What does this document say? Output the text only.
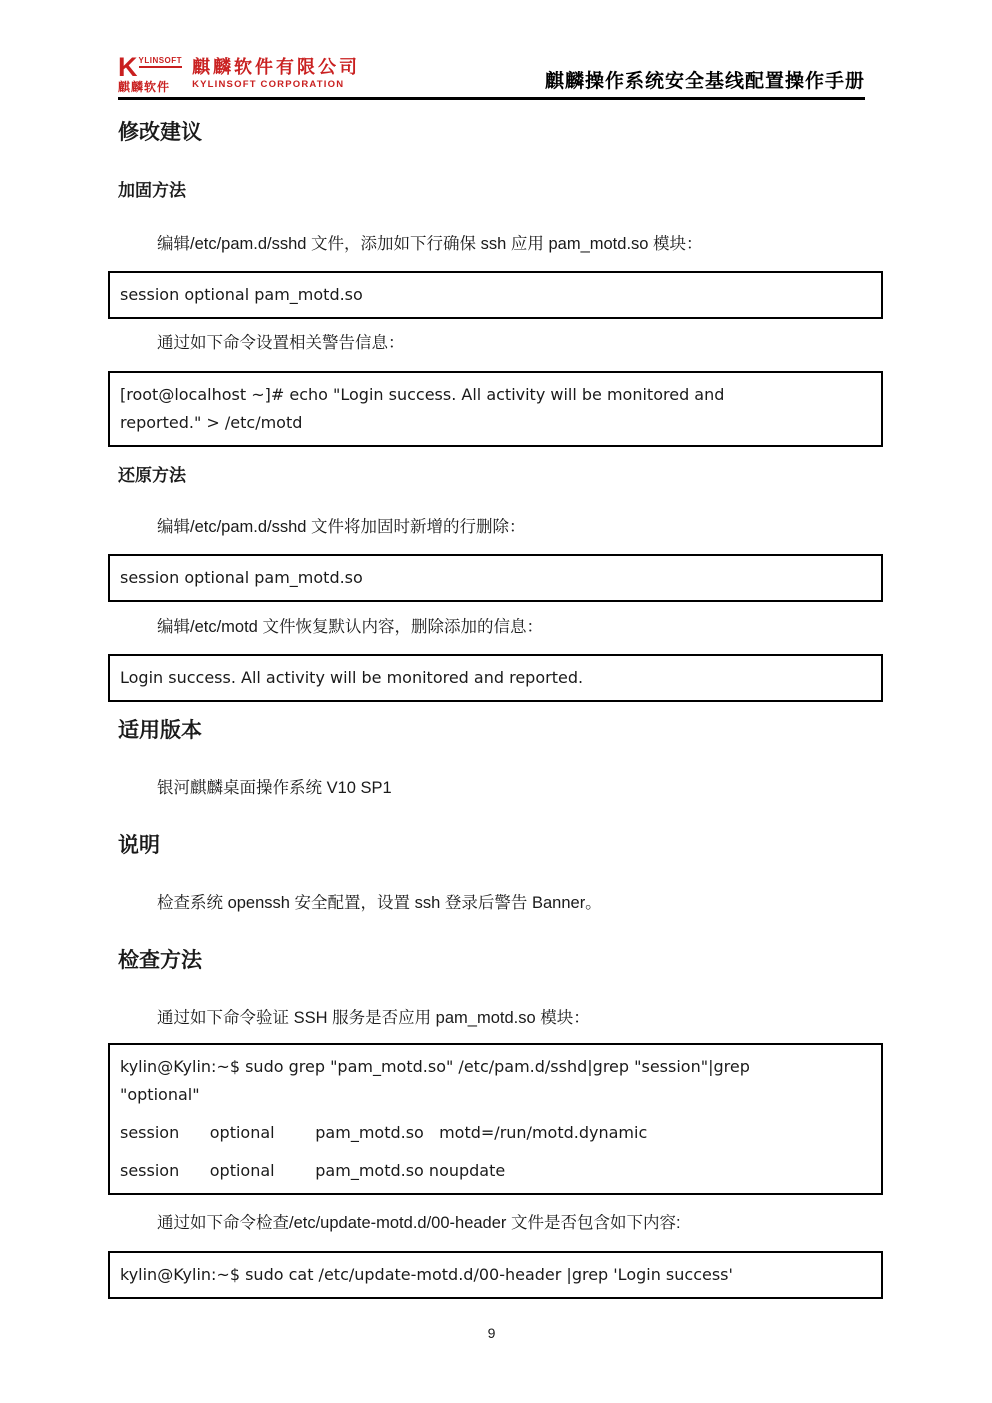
K YLINSOFT
麒麟软件
麒麟软件有限公司
KYLINSOFT CORPORATION	麒麟操作系统安全基线配置操作手册
修改建议
加固方法
编辑/etc/pam.d/sshd 文件，添加如下行确保 ssh 应用 pam_motd.so 模块：
session optional pam_motd.so
通过如下命令设置相关警告信息：
[root@localhost ~]# echo "Login success. All activity will be monitored and
reported." > /etc/motd
还原方法
编辑/etc/pam.d/sshd 文件将加固时新增的行删除：
session optional pam_motd.so
编辑/etc/motd 文件恢复默认内容，删除添加的信息：
Login success. All activity will be monitored and reported.
适用版本
银河麒麟桌面操作系统 V10 SP1
说明
检查系统 openssh 安全配置，设置 ssh 登录后警告 Banner。
检查方法
通过如下命令验证 SSH 服务是否应用 pam_motd.so 模块：
kylin@Kylin:~$ sudo grep "pam_motd.so" /etc/pam.d/sshd|grep "session"|grep
"optional"
session      optional        pam_motd.so   motd=/run/motd.dynamic
session      optional        pam_motd.so noupdate
通过如下命令检查/etc/update-motd.d/00-header 文件是否包含如下内容:
kylin@Kylin:~$ sudo cat /etc/update-motd.d/00-header |grep 'Login success'
9
